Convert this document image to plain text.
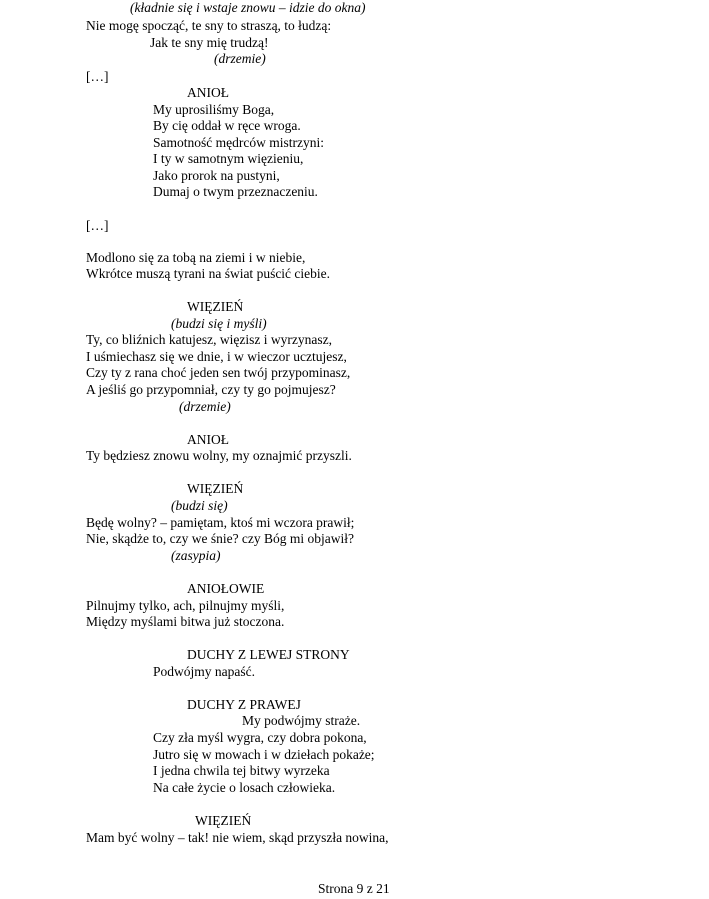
(kładnie się i wstaje znowu – idzie do okna)
Nie mogę spocząć, te sny to straszą, to łudzą:
Jak te sny mię trudzą!
(drzemie)
[…]
ANIOŁ
My uprosiliśmy Boga,
By cię oddał w ręce wroga.
Samotność mędrców mistrzyni:
I ty w samotnym więzieniu,
Jako prorok na pustyni,
Dumaj o twym przeznaczeniu.
[…]
Modlono się za tobą na ziemi i w niebie,
Wkrótce muszą tyrani na świat puścić ciebie.
WIĘZIEŃ
(budzi się i myśli)
Ty, co bliźnich katujesz, więzisz i wyrzynasz,
I uśmiechasz się we dnie, i w wieczor ucztujesz,
Czy ty z rana choć jeden sen twój przypominasz,
A jeśliś go przypomniał, czy ty go pojmujesz?
(drzemie)
ANIOŁ
Ty będziesz znowu wolny, my oznajmić przyszli.
WIĘZIEŃ
(budzi się)
Będę wolny? – pamiętam, ktoś mi wczora prawił;
Nie, skądże to, czy we śnie? czy Bóg mi objawił?
(zasypia)
ANIOŁOWIE
Pilnujmy tylko, ach, pilnujmy myśli,
Między myślami bitwa już stoczona.
DUCHY Z LEWEJ STRONY
Podwójmy napaść.
DUCHY Z PRAWEJ
My podwójmy straże.
Czy zła myśl wygra, czy dobra pokona,
Jutro się w mowach i w dziełach pokaże;
I jedna chwila tej bitwy wyrzeka
Na całe życie o losach człowieka.
WIĘZIEŃ
Mam być wolny – tak! nie wiem, skąd przyszła nowina,
Strona 9 z 21
